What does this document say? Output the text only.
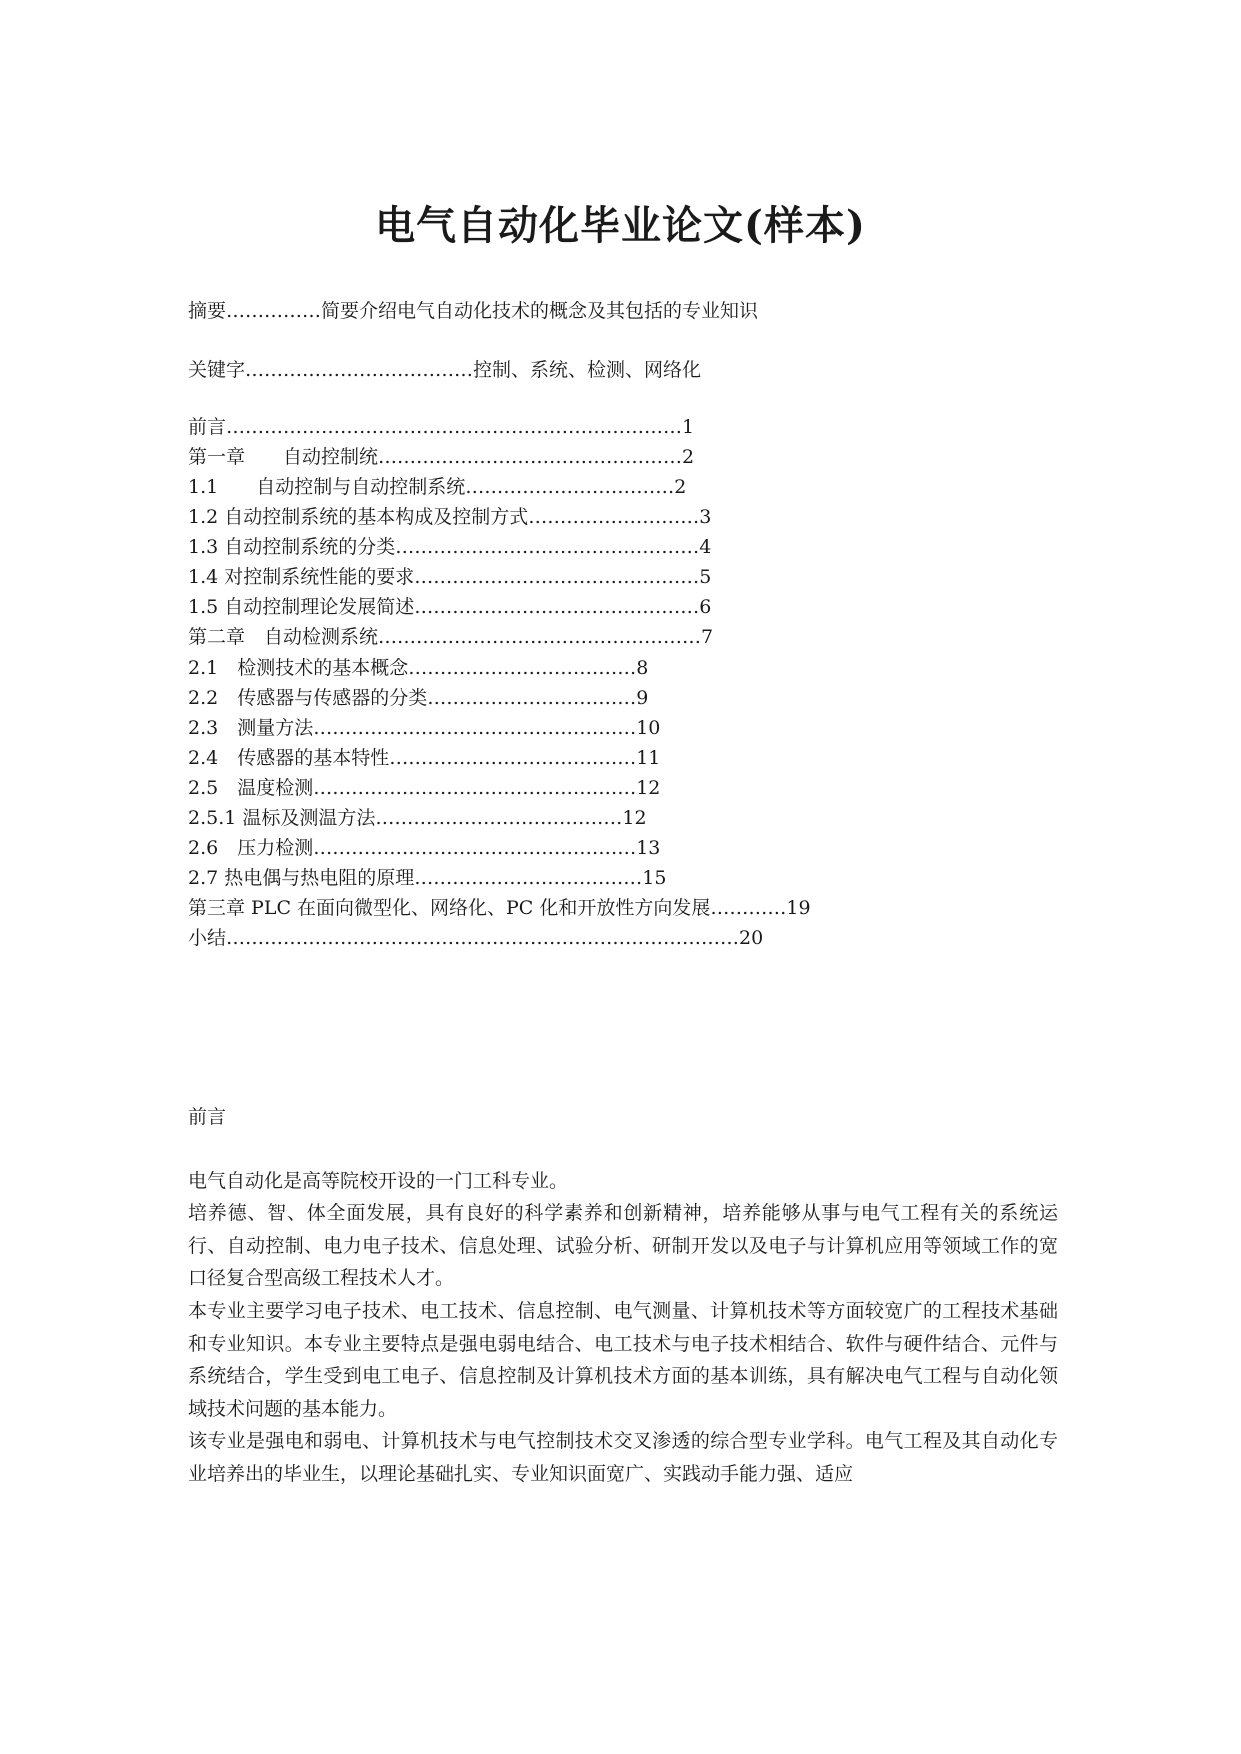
电气自动化毕业论文(样本)

摘要……………简要介绍电气自动化技术的概念及其包括的专业知识

关键字………………………………控制、系统、检测、网络化

前言………………………………………………………………1

第一章　　自动控制统…………………………………………2

1.1　　自动控制与自动控制系统……………………………2

1.2 自动控制系统的基本构成及控制方式………………………3

1.3 自动控制系统的分类…………………………………………4

1.4 对控制系统性能的要求………………………………………5

1.5 自动控制理论发展简述………………………………………6

第二章　自动检测系统……………………………………………7

2.1　检测技术的基本概念………………………………8

2.2　传感器与传感器的分类……………………………9

2.3　测量方法……………………………………………10

2.4　传感器的基本特性…………………………………11

2.5　温度检测……………………………………………12

2.5.1 温标及测温方法…………………………………12

2.6　压力检测……………………………………………13

2.7 热电偶与热电阻的原理………………………………15

第三章 PLC 在面向微型化、网络化、PC 化和开放性方向发展…………19

小结………………………………………………………………………20

前言

电气自动化是高等院校开设的一门工科专业。

培养德、智、体全面发展，具有良好的科学素养和创新精神，培养能够从事与电气工程有关的系统运行、自动控制、电力电子技术、信息处理、试验分析、研制开发以及电子与计算机应用等领域工作的宽口径复合型高级工程技术人才。

本专业主要学习电子技术、电工技术、信息控制、电气测量、计算机技术等方面较宽广的工程技术基础和专业知识。本专业主要特点是强电弱电结合、电工技术与电子技术相结合、软件与硬件结合、元件与系统结合，学生受到电工电子、信息控制及计算机技术方面的基本训练，具有解决电气工程与自动化领域技术问题的基本能力。

该专业是强电和弱电、计算机技术与电气控制技术交叉渗透的综合型专业学科。电气工程及其自动化专业培养出的毕业生，以理论基础扎实、专业知识面宽广、实践动手能力强、适应
